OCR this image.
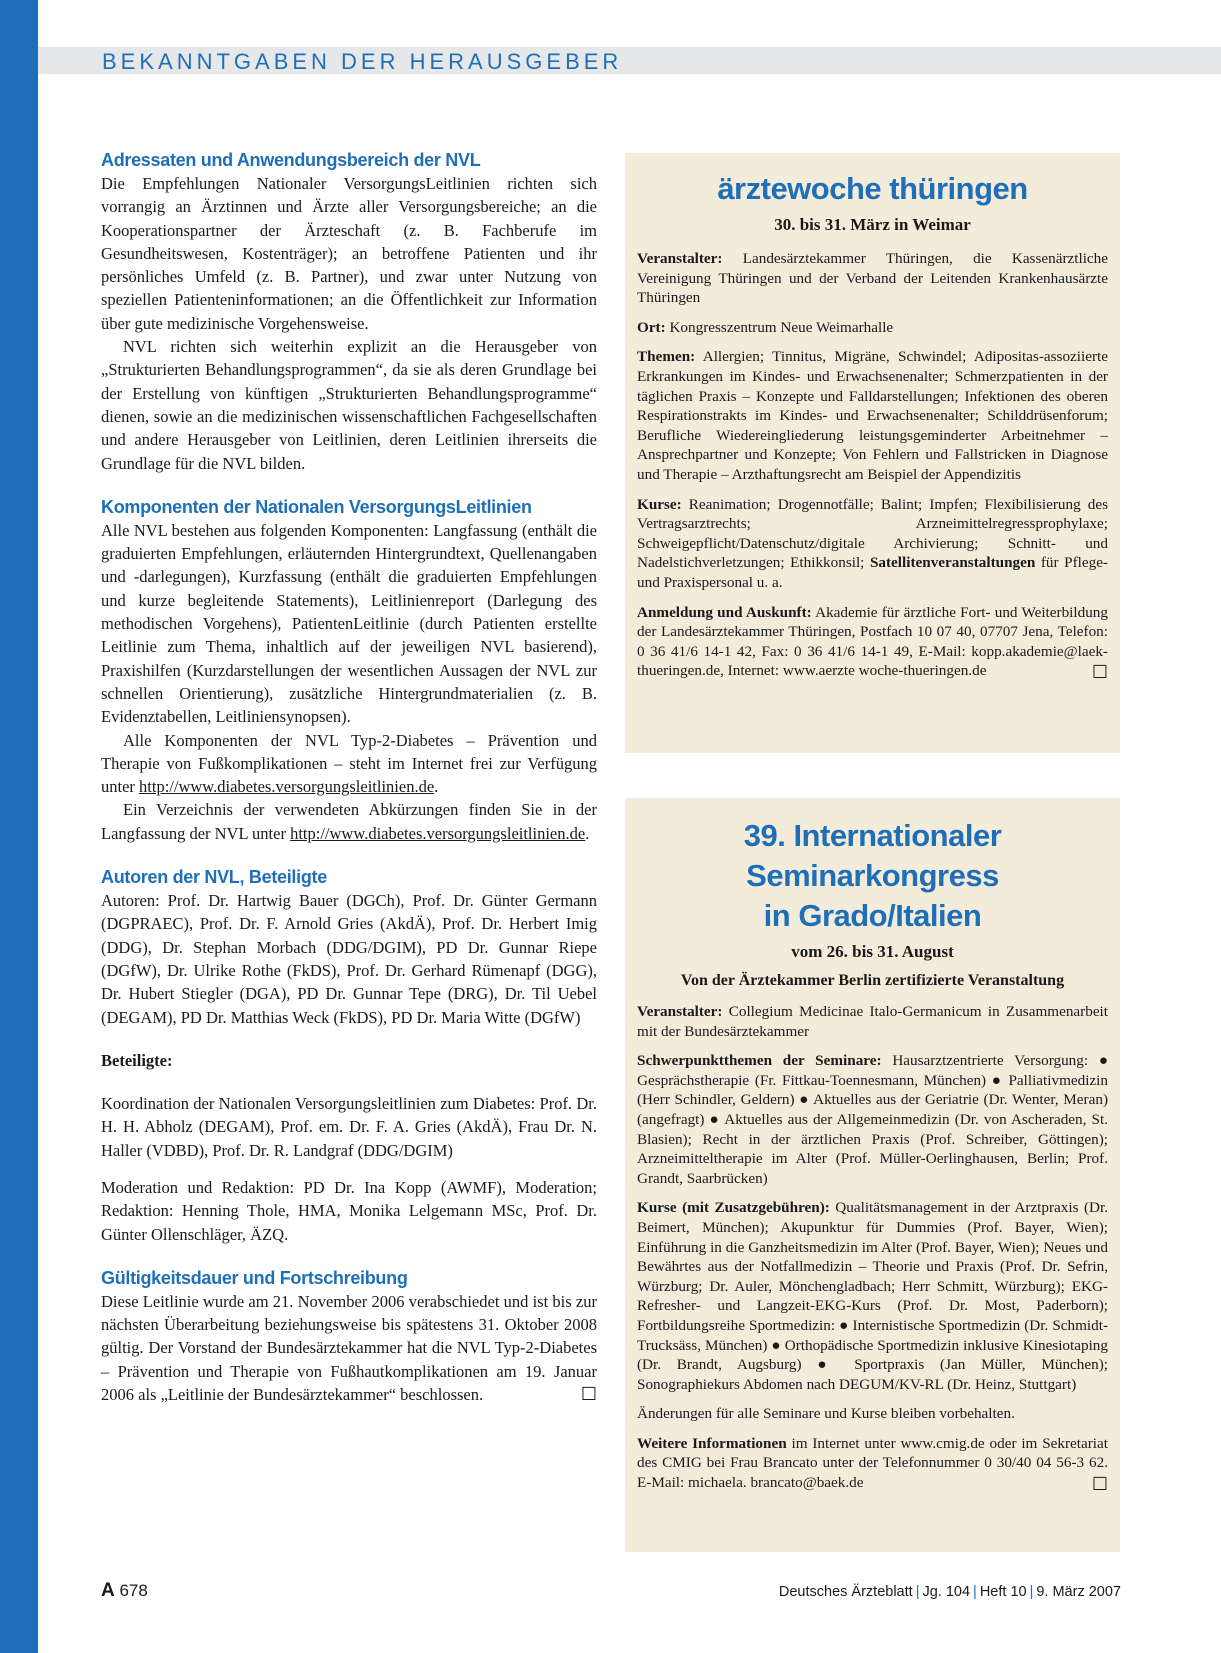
BEKANNTGABEN DER HERAUSGEBER
Adressaten und Anwendungsbereich der NVL

Die Empfehlungen Nationaler VersorgungsLeitlinien richten sich vorrangig an Ärztinnen und Ärzte aller Versorgungsbereiche; an die Kooperationspartner der Ärzteschaft (z. B. Fachberufe im Gesundheitswesen, Kostenträger); an betroffene Patienten und ihr persönliches Umfeld (z. B. Partner), und zwar unter Nutzung von speziellen Patienteninformationen; an die Öffentlichkeit zur Information über gute medizinische Vorgehensweise.

NVL richten sich weiterhin explizit an die Herausgeber von „Strukturierten Behandlungsprogrammen“, da sie als deren Grundlage bei der Erstellung von künftigen „Strukturierten Behandlungsprogramme“ dienen, sowie an die medizinischen wissenschaftlichen Fachgesellschaften und andere Herausgeber von Leitlinien, deren Leitlinien ihrerseits die Grundlage für die NVL bilden.

Komponenten der Nationalen VersorgungsLeitlinien

Alle NVL bestehen aus folgenden Komponenten: Langfassung (enthält die graduierten Empfehlungen, erläuternden Hintergrundtext, Quellenangaben und -darlegungen), Kurzfassung (enthält die graduierten Empfehlungen und kurze begleitende Statements), Leitlinienreport (Darlegung des methodischen Vorgehens), PatientenLeitlinie (durch Patienten erstellte Leitlinie zum Thema, inhaltlich auf der jeweiligen NVL basierend), Praxishilfen (Kurzdarstellungen der wesentlichen Aussagen der NVL zur schnellen Orientierung), zusätzliche Hintergrundmaterialien (z. B. Evidenztabellen, Leitliniensynopsen).

Alle Komponenten der NVL Typ-2-Diabetes – Prävention und Therapie von Fußkomplikationen – steht im Internet frei zur Verfügung unter http://www.diabetes.versorgungsleitlinien.de.

Ein Verzeichnis der verwendeten Abkürzungen finden Sie in der Langfassung der NVL unter http://www.diabetes.versorgungsleitlinien.de.

Autoren der NVL, Beteiligte

Autoren: Prof. Dr. Hartwig Bauer (DGCh), Prof. Dr. Günter Germann (DGPRAEC), Prof. Dr. F. Arnold Gries (AkdÄ), Prof. Dr. Herbert Imig (DDG), Dr. Stephan Morbach (DDG/DGIM), PD Dr. Gunnar Riepe (DGfW), Dr. Ulrike Rothe (FkDS), Prof. Dr. Gerhard Rümenapf (DGG), Dr. Hubert Stiegler (DGA), PD Dr. Gunnar Tepe (DRG), Dr. Til Uebel (DEGAM), PD Dr. Matthias Weck (FkDS), PD Dr. Maria Witte (DGfW)

Beteiligte:

Koordination der Nationalen Versorgungsleitlinien zum Diabetes: Prof. Dr. H. H. Abholz (DEGAM), Prof. em. Dr. F. A. Gries (AkdÄ), Frau Dr. N. Haller (VDBD), Prof. Dr. R. Landgraf (DDG/DGIM)

Moderation und Redaktion: PD Dr. Ina Kopp (AWMF), Moderation; Redaktion: Henning Thole, HMA, Monika Lelgemann MSc, Prof. Dr. Günter Ollenschläger, ÄZQ.

Gültigkeitsdauer und Fortschreibung

Diese Leitlinie wurde am 21. November 2006 verabschiedet und ist bis zur nächsten Überarbeitung beziehungsweise bis spätestens 31. Oktober 2008 gültig. Der Vorstand der Bundesärztekammer hat die NVL Typ-2-Diabetes – Prävention und Therapie von Fußhautkomplikationen am 19. Januar 2006 als „Leitlinie der Bundesärztekammer“ beschlossen.	☐

ärztewoche thüringen
30. bis 31. März in Weimar

Veranstalter: Landesärztekammer Thüringen, die Kassenärztliche Vereinigung Thüringen und der Verband der Leitenden Krankenhausärzte Thüringen

Ort: Kongresszentrum Neue Weimarhalle

Themen: Allergien; Tinnitus, Migräne, Schwindel; Adipositas-assoziierte Erkrankungen im Kindes- und Erwachsenenalter; Schmerzpatienten in der täglichen Praxis – Konzepte und Falldarstellungen; Infektionen des oberen Respirationstrakts im Kindes- und Erwachsenenalter; Schilddrüsenforum; Berufliche Wiedereingliederung leistungsgeminderter Arbeitnehmer – Ansprechpartner und Konzepte; Von Fehlern und Fallstricken in Diagnose und Therapie – Arzthaftungsrecht am Beispiel der Appendizitis

Kurse: Reanimation; Drogennotfälle; Balint; Impfen; Flexibilisierung des Vertragsarztrechts; Arzneimittelregressprophylaxe; Schweigepflicht/Datenschutz/digitale Archivierung; Schnitt- und Nadelstichverletzungen; Ethikkonsil; Satellitenveranstaltungen für Pflege- und Praxispersonal u. a.

Anmeldung und Auskunft: Akademie für ärztliche Fort- und Weiterbildung der Landesärztekammer Thüringen, Postfach 10 07 40, 07707 Jena, Telefon: 0 36 41/6 14-1 42, Fax: 0 36 41/6 14-1 49, E-Mail: kopp.akademie@laek-thueringen.de, Internet: www.aerzte woche-thueringen.de	☐

39. Internationaler Seminarkongress
in Grado/Italien
vom 26. bis 31. August
Von der Ärztekammer Berlin zertifizierte Veranstaltung

Veranstalter: Collegium Medicinae Italo-Germanicum in Zusammenarbeit mit der Bundesärztekammer

Schwerpunktthemen der Seminare: Hausarztzentrierte Versorgung: ● Gesprächstherapie (Fr. Fittkau-Toennesmann, München) ● Palliativmedizin (Herr Schindler, Geldern) ● Aktuelles aus der Geriatrie (Dr. Wenter, Meran) (angefragt) ● Aktuelles aus der Allgemeinmedizin (Dr. von Ascheraden, St. Blasien); Recht in der ärztlichen Praxis (Prof. Schreiber, Göttingen); Arzneimitteltherapie im Alter (Prof. Müller-Oerlinghausen, Berlin; Prof. Grandt, Saarbrücken)

Kurse (mit Zusatzgebühren): Qualitätsmanagement in der Arztpraxis (Dr. Beimert, München); Akupunktur für Dummies (Prof. Bayer, Wien); Einführung in die Ganzheitsmedizin im Alter (Prof. Bayer, Wien); Neues und Bewährtes aus der Notfallmedizin – Theorie und Praxis (Prof. Dr. Sefrin, Würzburg; Dr. Auler, Mönchengladbach; Herr Schmitt, Würzburg); EKG-Refresher- und Langzeit-EKG-Kurs (Prof. Dr. Most, Paderborn); Fortbildungsreihe Sportmedizin: ● Internistische Sportmedizin (Dr. Schmidt-Trucksäss, München) ● Orthopädische Sportmedizin inklusive Kinesiotaping (Dr. Brandt, Augsburg) ● Sportpraxis (Jan Müller, München); Sonographiekurs Abdomen nach DEGUM/KV-RL (Dr. Heinz, Stuttgart)

Änderungen für alle Seminare und Kurse bleiben vorbehalten.

Weitere Informationen im Internet unter www.cmig.de oder im Sekretariat des CMIG bei Frau Brancato unter der Telefonnummer 0 30/40 04 56-3 62. E-Mail: michaela. brancato@baek.de	☐

A 678	Deutsches Ärzteblatt | Jg. 104 | Heft 10 | 9. März 2007
